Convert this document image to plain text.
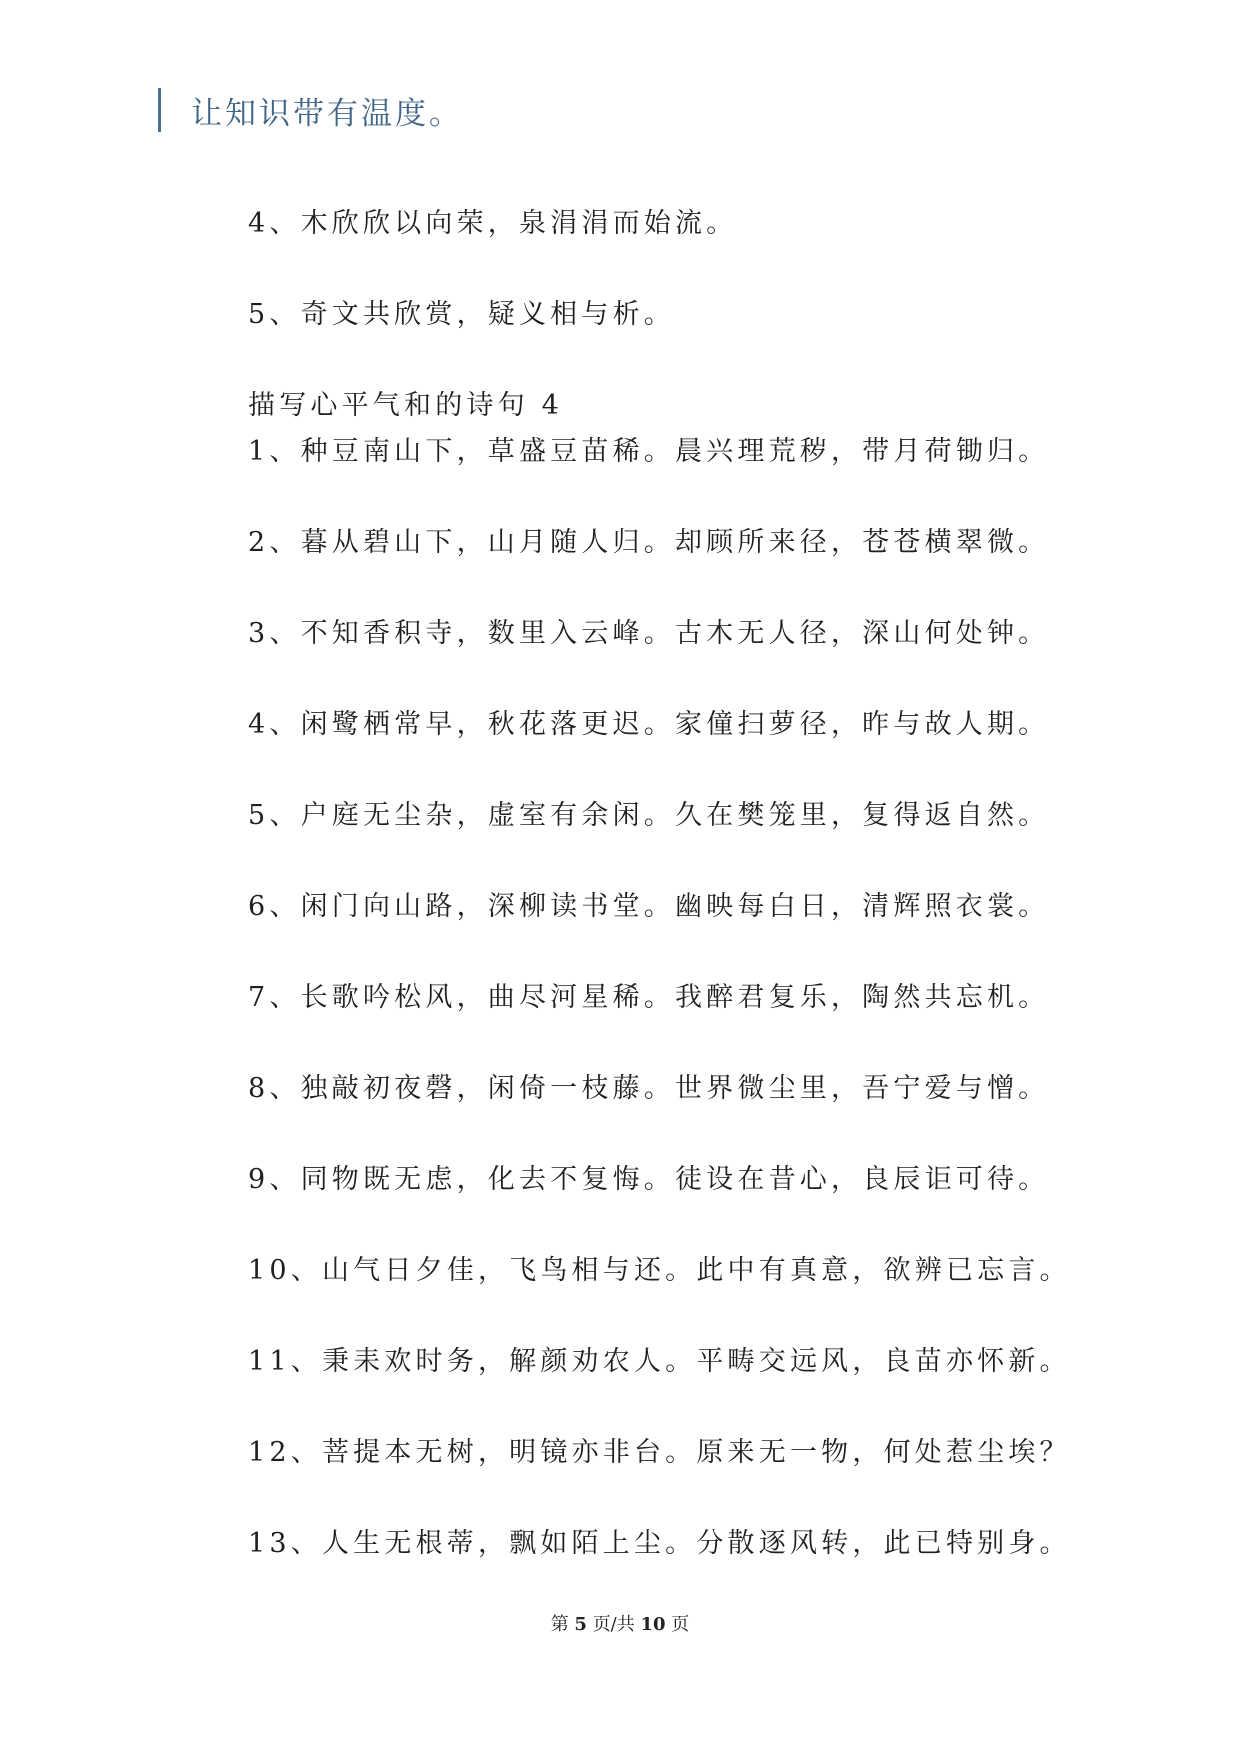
让知识带有温度。
4、木欣欣以向荣，泉涓涓而始流。
5、奇文共欣赏，疑义相与析。
描写心平气和的诗句 4
1、种豆南山下，草盛豆苗稀。晨兴理荒秽，带月荷锄归。
2、暮从碧山下，山月随人归。却顾所来径，苍苍横翠微。
3、不知香积寺，数里入云峰。古木无人径，深山何处钟。
4、闲鹭栖常早，秋花落更迟。家僮扫萝径，昨与故人期。
5、户庭无尘杂，虚室有余闲。久在樊笼里，复得返自然。
6、闲门向山路，深柳读书堂。幽映每白日，清辉照衣裳。
7、长歌吟松风，曲尽河星稀。我醉君复乐，陶然共忘机。
8、独敲初夜磬，闲倚一枝藤。世界微尘里，吾宁爱与憎。
9、同物既无虑，化去不复悔。徒设在昔心，良辰讵可待。
10、山气日夕佳，飞鸟相与还。此中有真意，欲辨已忘言。
11、秉耒欢时务，解颜劝农人。平畴交远风，良苗亦怀新。
12、菩提本无树，明镜亦非台。原来无一物，何处惹尘埃？
13、人生无根蒂，飘如陌上尘。分散逐风转，此已特别身。
第 5 页/共 10 页
